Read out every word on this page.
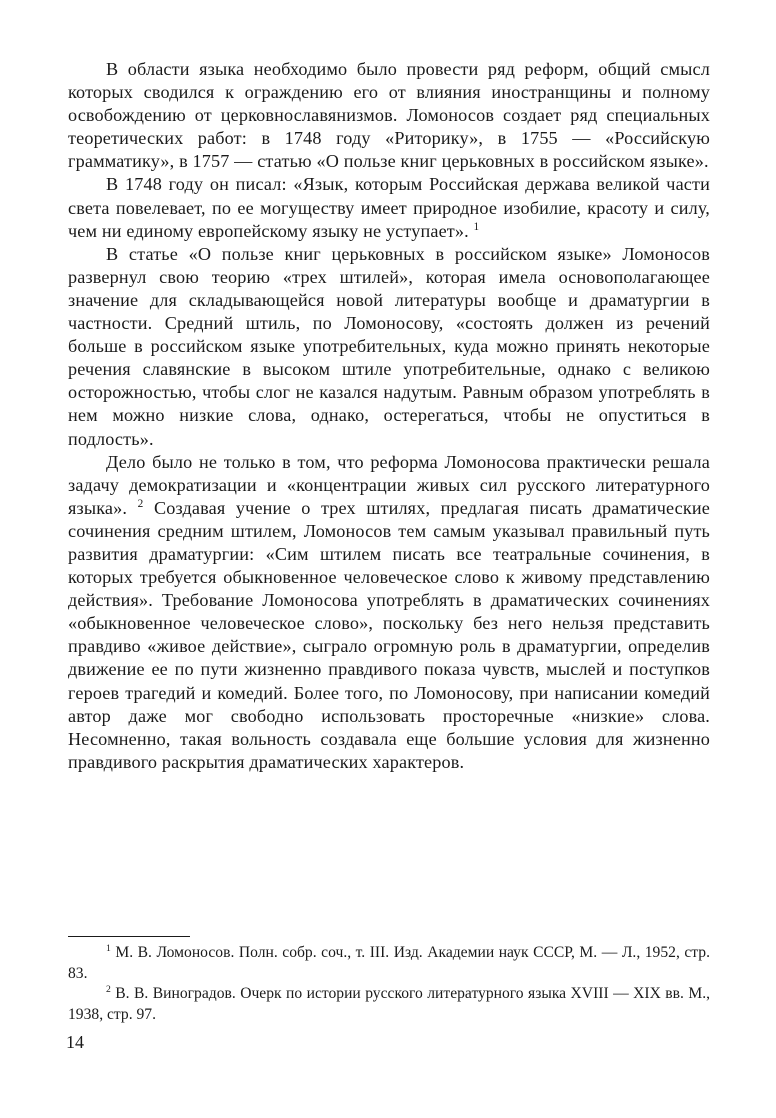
В области языка необходимо было провести ряд реформ, общий смысл которых сводился к ограждению его от влияния иностранщины и полному освобождению от церковнославянизмов. Ломоносов создает ряд специальных теоретических работ: в 1748 году «Риторику», в 1755 — «Российскую грамматику», в 1757 — статью «О пользе книг церьковных в российском языке».

В 1748 году он писал: «Язык, которым Российская держава великой части света повелевает, по ее могуществу имеет природное изобилие, красоту и силу, чем ни единому европейскому языку не уступает». $^1$

В статье «О пользе книг церьковных в российском языке» Ломоносов развернул свою теорию «трех штилей», которая имела основополагающее значение для складывающейся новой литературы вообще и драматургии в частности. Средний штиль, по Ломоносову, «состоять должен из речений больше в российском языке употребительных, куда можно принять некоторые речения славянские в высоком штиле употребительные, однако с великою осторожностью, чтобы слог не казался надутым. Равным образом употреблять в нем можно низкие слова, однако, остерегаться, чтобы не опуститься в подлость».

Дело было не только в том, что реформа Ломоносова практически решала задачу демократизации и «концентрации живых сил русского литературного языка». $^2$ Создавая учение о трех штилях, предлагая писать драматические сочинения средним штилем, Ломоносов тем самым указывал правильный путь развития драматургии: «Сим штилем писать все театральные сочинения, в которых требуется обыкновенное человеческое слово к живому представлению действия». Требование Ломоносова употреблять в драматических сочинениях «обыкновенное человеческое слово», поскольку без него нельзя представить правдиво «живое действие», сыграло огромную роль в драматургии, определив движение ее по пути жизненно правдивого показа чувств, мыслей и поступков героев трагедий и комедий. Более того, по Ломоносову, при написании комедий автор даже мог свободно использовать просторечные «низкие» слова. Несомненно, такая вольность создавала еще большие условия для жизненно правдивого раскрытия драматических характеров.

$^1$ М. В. Ломоносов. Полн. собр. соч., т. III. Изд. Академии наук СССР, М. — Л., 1952, стр. 83.

$^2$ В. В. Виноградов. Очерк по истории русского литературного языка XVIII — XIX вв. М., 1938, стр. 97.

14
